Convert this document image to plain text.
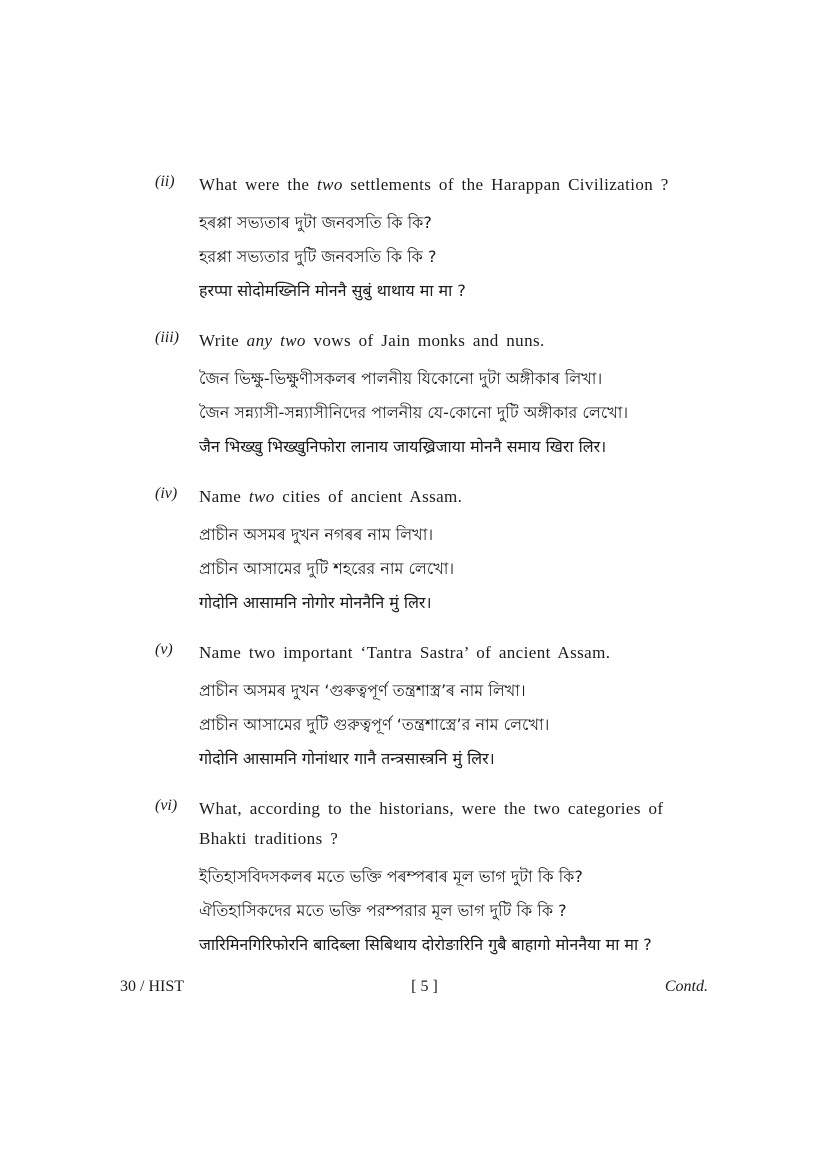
(ii)	What were the two settlements of the Harappan Civilization ?
হৰপ্পা সভ্যতাৰ দুটা জনবসতি কি কি?
হরপ্পা সভ্যতার দুটি জনবসতি কি কি ?
हरप्पा सोदोमख्निनि मोननै सुबुं थाथाय मा मा ?
(iii)	Write any two vows of Jain monks and nuns.
জৈন ভিক্ষু-ভিক্ষুণীসকলৰ পালনীয় যিকোনো দুটা অঙ্গীকাৰ লিখা।
জৈন সন্ন্যাসী-সন্ন্যাসীনিদের পালনীয় যে-কোনো দুটি অঙ্গীকার লেখো।
जैन भिख्खु भिख्खुनिफोरा लानाय जायख्रिजाया मोननै समाय खिरा लिर।
(iv)	Name two cities of ancient Assam.
প্ৰাচীন অসমৰ দুখন নগৰৰ নাম লিখা।
প্রাচীন আসামের দুটি শহরের নাম লেখো।
गोदोनि आसामनि नोगोर मोननैनि मुं लिर।
(v)	Name two important ‘Tantra Sastra’ of ancient Assam.
প্ৰাচীন অসমৰ দুখন ‘গুৰুত্বপূৰ্ণ তন্ত্ৰশাস্ত্ৰ’ৰ নাম লিখা।
প্রাচীন আসামের দুটি গুরুত্বপূর্ণ ‘তন্ত্রশাস্ত্রে’র নাম লেখো।
गोदोनि आसामनि गोनांथार गानै तन्त्रसास्त्रनि मुं लिर।
(vi)	What, according to the historians, were the two categories of Bhakti traditions ?
ইতিহাসবিদসকলৰ মতে ভক্তি পৰম্পৰাৰ মূল ভাগ দুটা কি কি?
ঐতিহাসিকদের মতে ভক্তি পরম্পরার মূল ভাগ দুটি কি কি ?
जारिमिनगिरिफोरनि बादिब्ला सिबिथाय दोरोङारिनि गुबै बाहागो मोननैया मा मा ?
30 / HIST	[ 5 ]	Contd.
